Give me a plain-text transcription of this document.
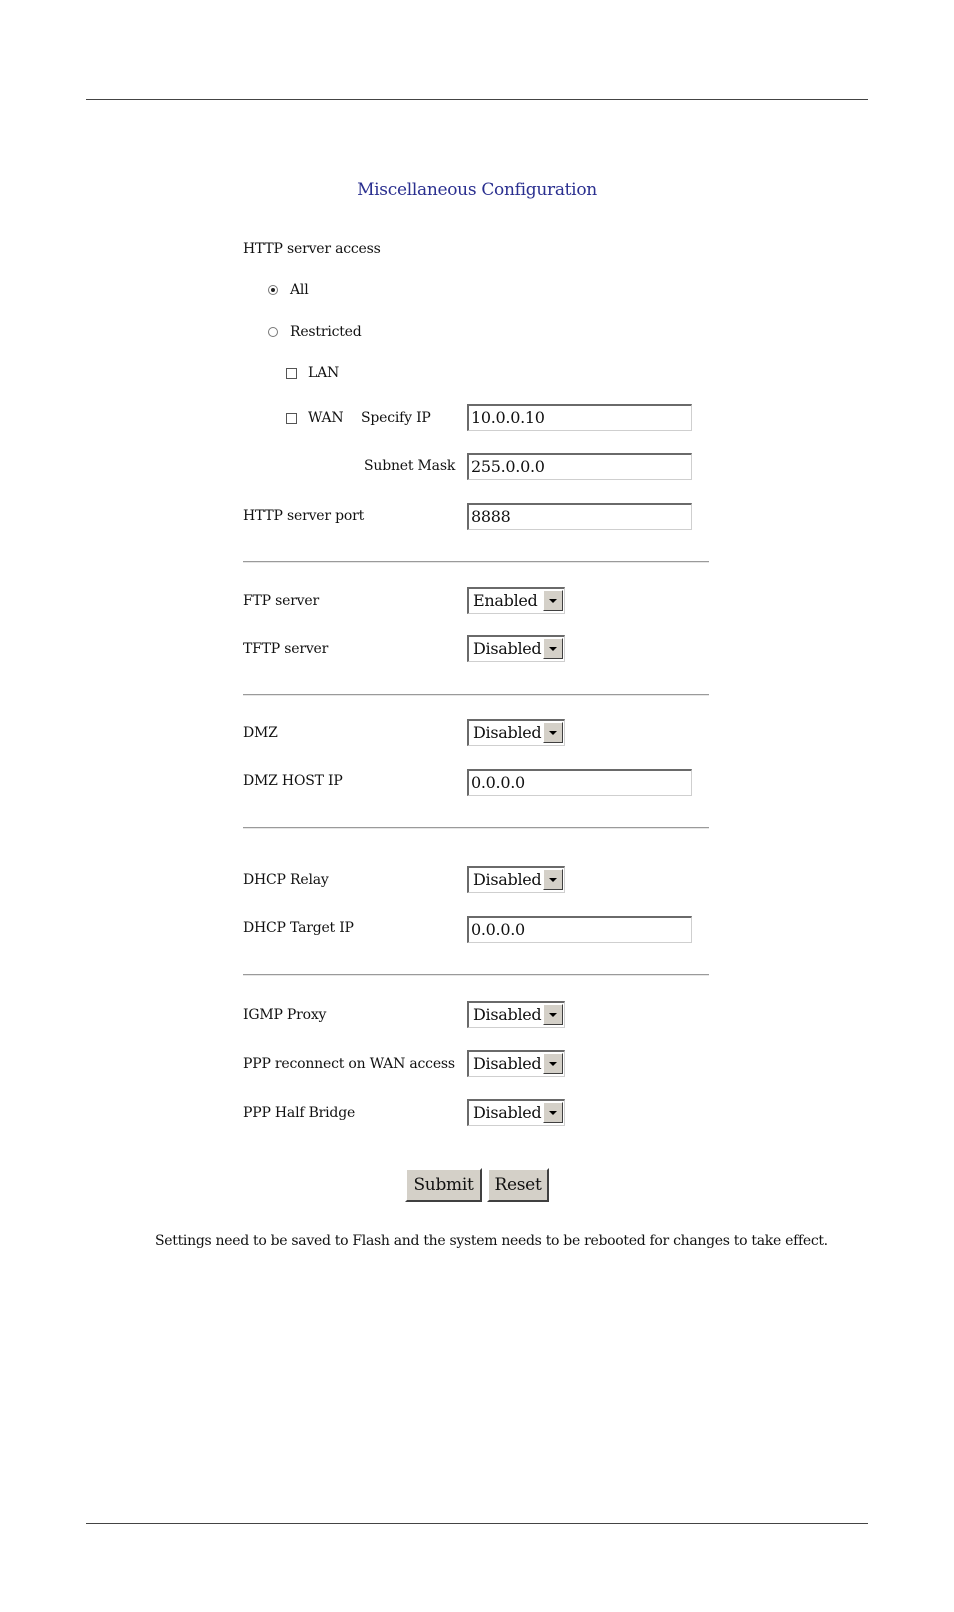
Miscellaneous Configuration
HTTP server access
All
Restricted
LAN
WAN Specify IP	10.0.0.10
Subnet Mask 255.0.0.0
HTTP server port	8888
FTP server	Enabled
TFTP server	Disabled
DMZ	Disabled
DMZ HOST IP	0.0.0.0
DHCP Relay	Disabled
DHCP Target IP	0.0.0.0
IGMP Proxy	Disabled
PPP reconnect on WAN access Disabled
PPP Half Bridge	Disabled
Submit	Reset
Settings need to be saved to Flash and the system needs to be rebooted for changes to take effect.
